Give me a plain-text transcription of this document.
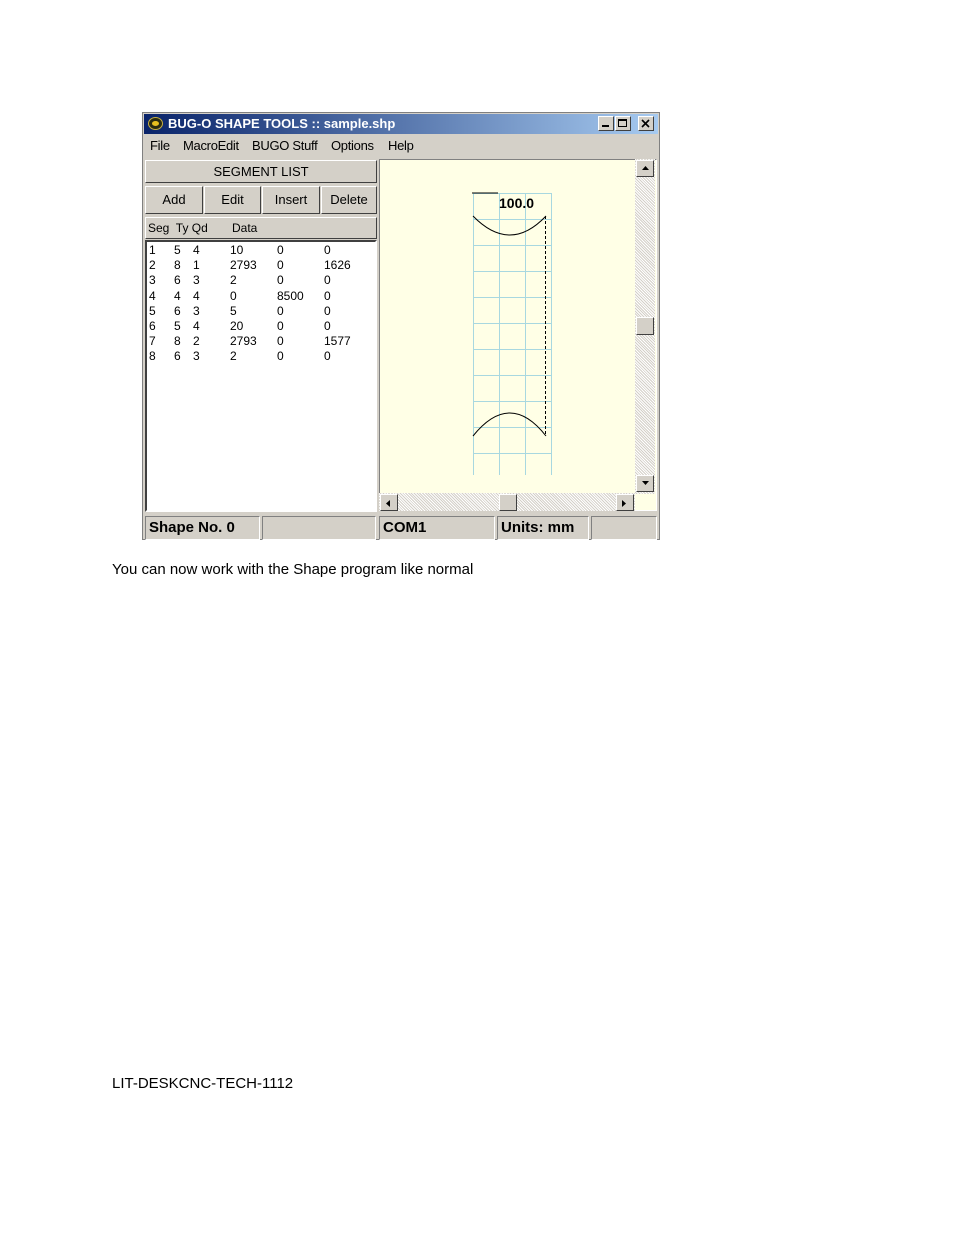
BUG-O SHAPE TOOLS :: sample.shp
File MacroEdit BUGO Stuff Options Help
SEGMENT LIST
Add	Edit	Insert	Delete
Seg  Ty Qd Data
1 5 4	10	0	0
2 8 1	2793 0	1626
3 6 3	2	0	0
4 4 4	0	8500 0
5 6 3	5	0	0
6 5 4	20	0	0
7 8 2	2793 0	1577
8 6 3	2	0	0
100.0
Shape No. 0	COM1	Units: mm
You can now work with the Shape program like normal
LIT-DESKCNC-TECH-1112
